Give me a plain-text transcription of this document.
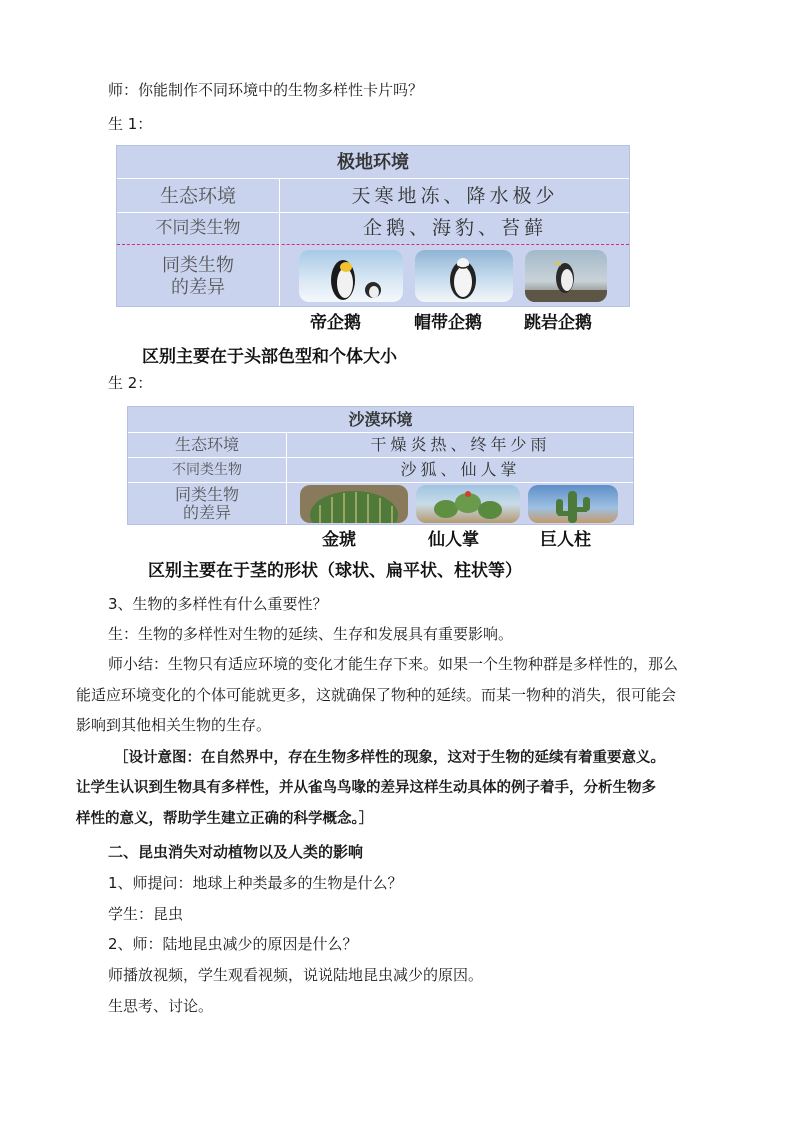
师：你能制作不同环境中的生物多样性卡片吗？
生 1：
极地环境
生态环境	天寒地冻、降水极少
不同类生物	企鹅、海豹、苔藓
同类生物
的差异
帝企鹅	帽带企鹅 跳岩企鹅
区别主要在于头部色型和个体大小
生 2：
沙漠环境
生态环境	干燥炎热、终年少雨
不同类生物	沙狐、仙人掌
同类生物
的差异
金琥	仙人掌	巨人柱
区别主要在于茎的形状（球状、扁平状、柱状等）
3、生物的多样性有什么重要性？
生：生物的多样性对生物的延续、生存和发展具有重要影响。
师小结：生物只有适应环境的变化才能生存下来。如果一个生物种群是多样性的，那么
能适应环境变化的个体可能就更多，这就确保了物种的延续。而某一物种的消失，很可能会
影响到其他相关生物的生存。
［设计意图：在自然界中，存在生物多样性的现象，这对于生物的延续有着重要意义。
让学生认识到生物具有多样性，并从雀鸟鸟喙的差异这样生动具体的例子着手，分析生物多
样性的意义，帮助学生建立正确的科学概念。］
二、昆虫消失对动植物以及人类的影响
1、师提问：地球上种类最多的生物是什么？
学生：昆虫
2、师：陆地昆虫减少的原因是什么？
师播放视频，学生观看视频，说说陆地昆虫减少的原因。
生思考、讨论。
